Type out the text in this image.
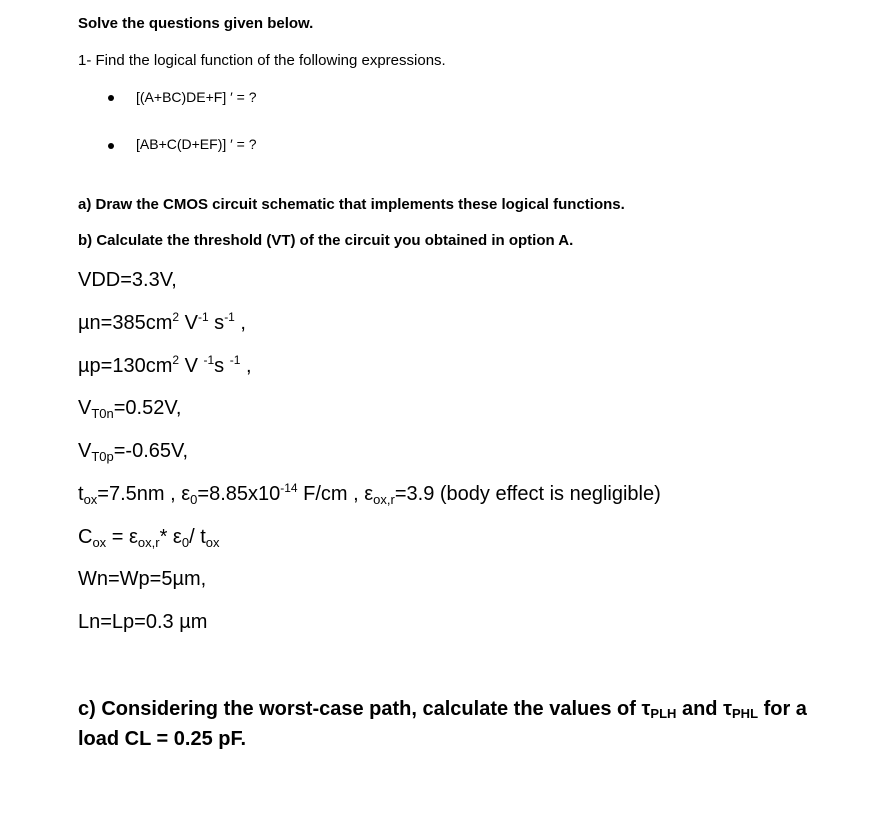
Solve the questions given below.
1- Find the logical function of the following expressions.
[(A+BC)DE+F] ′ = ?
[AB+C(D+EF)] ′ = ?
a) Draw the CMOS circuit schematic that implements these logical functions.
b) Calculate the threshold (VT) of the circuit you obtained in option A.
VDD=3.3V,
$\mu n=385cm^2$ $V^{-1}$ $s^{-1}$ ,
$\mu p=130cm^2$ V $^{-1}$s $^{-1}$ ,
$V_{T0n}=0.52V$,
$V_{T0p}=-0.65V$,
$t_{ox}=7.5nm$ , $\varepsilon_0=8.85x10^{-14}$ F/cm , $\varepsilon_{ox,r}=3.9$ (body effect is negligible)
$C_{ox} = \varepsilon_{ox,r}*$ $\varepsilon_0/$ $t_{ox}$
Wn=Wp=5µm,
Ln=Lp=0.3 µm
c) Considering the worst-case path, calculate the values of $\tau_{PLH}$ and $\tau_{PHL}$ for a load CL = 0.25 pF.
